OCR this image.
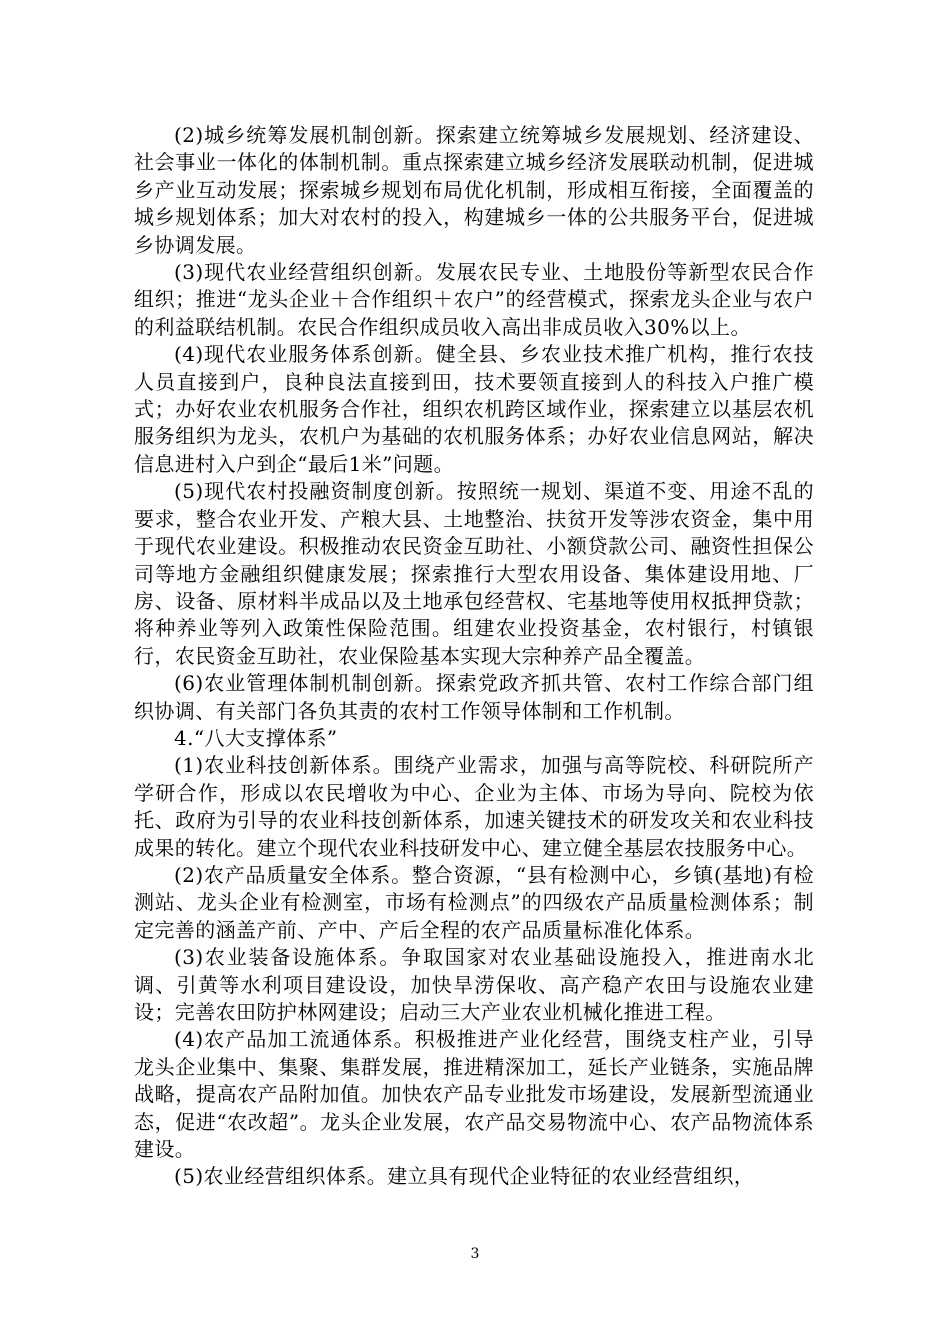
(2)城乡统筹发展机制创新。探索建立统筹城乡发展规划、经济建设、社会事业一体化的体制机制。重点探索建立城乡经济发展联动机制，促进城乡产业互动发展；探索城乡规划布局优化机制，形成相互衔接，全面覆盖的城乡规划体系；加大对农村的投入，构建城乡一体的公共服务平台，促进城乡协调发展。

(3)现代农业经营组织创新。发展农民专业、土地股份等新型农民合作组织；推进“龙头企业＋合作组织＋农户”的经营模式，探索龙头企业与农户的利益联结机制。农民合作组织成员收入高出非成员收入30%以上。

(4)现代农业服务体系创新。健全县、乡农业技术推广机构，推行农技人员直接到户，良种良法直接到田，技术要领直接到人的科技入户推广模式；办好农业农机服务合作社，组织农机跨区域作业，探索建立以基层农机服务组织为龙头，农机户为基础的农机服务体系；办好农业信息网站，解决信息进村入户到企“最后1米”问题。

(5)现代农村投融资制度创新。按照统一规划、渠道不变、用途不乱的要求，整合农业开发、产粮大县、土地整治、扶贫开发等涉农资金，集中用于现代农业建设。积极推动农民资金互助社、小额贷款公司、融资性担保公司等地方金融组织健康发展；探索推行大型农用设备、集体建设用地、厂房、设备、原材料半成品以及土地承包经营权、宅基地等使用权抵押贷款；将种养业等列入政策性保险范围。组建农业投资基金，农村银行，村镇银行，农民资金互助社，农业保险基本实现大宗种养产品全覆盖。

(6)农业管理体制机制创新。探索党政齐抓共管、农村工作综合部门组织协调、有关部门各负其责的农村工作领导体制和工作机制。

4.“八大支撑体系”

(1)农业科技创新体系。围绕产业需求，加强与高等院校、科研院所产学研合作，形成以农民增收为中心、企业为主体、市场为导向、院校为依托、政府为引导的农业科技创新体系，加速关键技术的研发攻关和农业科技成果的转化。建立个现代农业科技研发中心、建立健全基层农技服务中心。

(2)农产品质量安全体系。整合资源，“县有检测中心，乡镇(基地)有检测站、龙头企业有检测室，市场有检测点”的四级农产品质量检测体系；制定完善的涵盖产前、产中、产后全程的农产品质量标准化体系。

(3)农业装备设施体系。争取国家对农业基础设施投入，推进南水北调、引黄等水利项目建设设，加快旱涝保收、高产稳产农田与设施农业建设；完善农田防护林网建设；启动三大产业农业机械化推进工程。

(4)农产品加工流通体系。积极推进产业化经营，围绕支柱产业，引导龙头企业集中、集聚、集群发展，推进精深加工，延长产业链条，实施品牌战略，提高农产品附加值。加快农产品专业批发市场建设，发展新型流通业态，促进“农改超”。龙头企业发展，农产品交易物流中心、农产品物流体系建设。

(5)农业经营组织体系。建立具有现代企业特征的农业经营组织，

3
